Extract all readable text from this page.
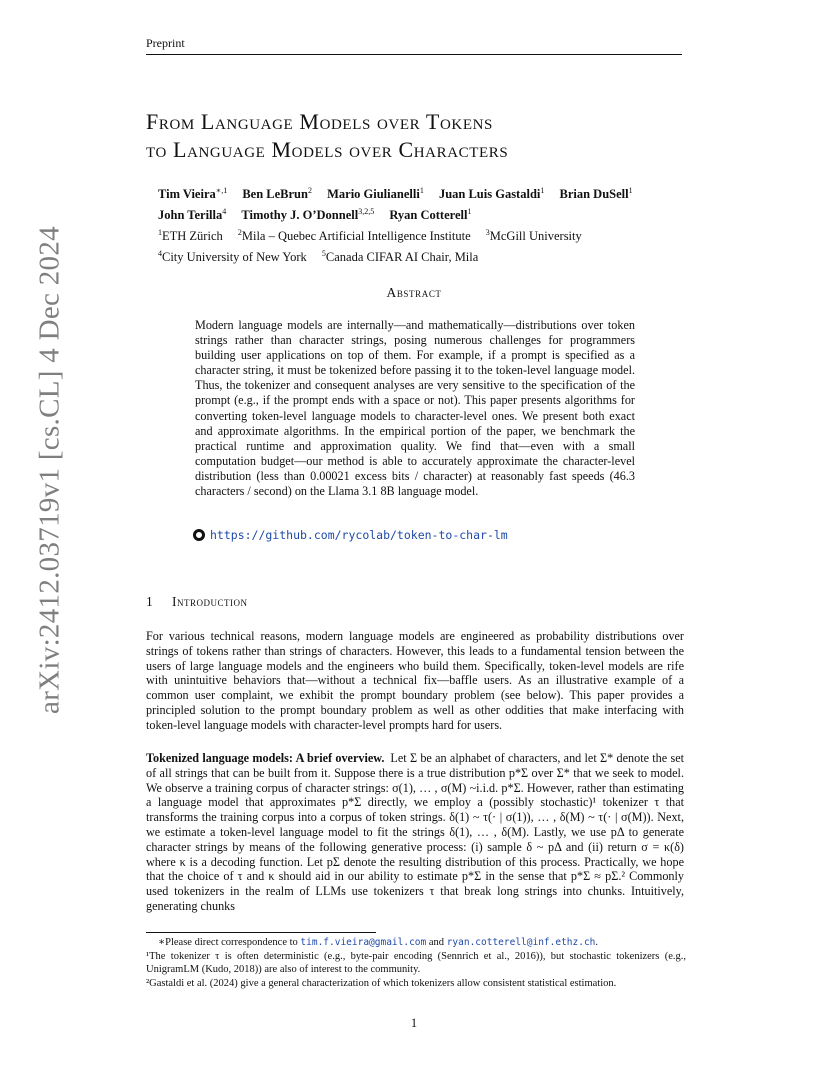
Preprint
arXiv:2412.03719v1 [cs.CL] 4 Dec 2024
From Language Models over Tokens
to Language Models over Characters
Tim Vieira$^{∗,1}$ Ben LeBrun$^2$ Mario Giulianelli$^1$ Juan Luis Gastaldi$^1$ Brian DuSell$^1$
John Terilla$^4$ Timothy J. O’Donnell$^{3,2,5}$ Ryan Cotterell$^1$
$^1$ETH Zürich $^2$Mila – Quebec Artificial Intelligence Institute $^3$McGill University
$^4$City University of New York $^5$Canada CIFAR AI Chair, Mila
Abstract
Modern language models are internally—and mathematically—distributions over token strings rather than character strings, posing numerous challenges for programmers building user applications on top of them. For example, if a prompt is specified as a character string, it must be tokenized before passing it to the token-level language model. Thus, the tokenizer and consequent analyses are very sensitive to the specification of the prompt (e.g., if the prompt ends with a space or not). This paper presents algorithms for converting token-level language models to character-level ones. We present both exact and approximate algorithms. In the empirical portion of the paper, we benchmark the practical runtime and approximation quality. We find that—even with a small computation budget—our method is able to accurately approximate the character-level distribution (less than 0.00021 excess bits / character) at reasonably fast speeds (46.3 characters / second) on the Llama 3.1 8B language model.
https://github.com/rycolab/token-to-char-lm
1 Introduction
For various technical reasons, modern language models are engineered as probability distributions over strings of tokens rather than strings of characters. However, this leads to a fundamental tension between the users of large language models and the engineers who build them. Specifically, token-level models are rife with unintuitive behaviors that—without a technical fix—baffle users. As an illustrative example of a common user complaint, we exhibit the prompt boundary problem (see below). This paper provides a principled solution to the prompt boundary problem as well as other oddities that make interfacing with token-level language models with character-level prompts hard for users.
Tokenized language models: A brief overview. Let Σ be an alphabet of characters, and let Σ* denote the set of all strings that can be built from it. Suppose there is a true distribution p*Σ over Σ* that we seek to model. We observe a training corpus of character strings: σ(1), … , σ(M) ~i.i.d. p*Σ. However, rather than estimating a language model that approximates p*Σ directly, we employ a (possibly stochastic)¹ tokenizer τ that transforms the training corpus into a corpus of token strings. δ(1) ~ τ(· | σ(1)), … , δ(M) ~ τ(· | σ(M)). Next, we estimate a token-level language model to fit the strings δ(1), … , δ(M). Lastly, we use pΔ to generate character strings by means of the following generative process: (i) sample δ ~ pΔ and (ii) return σ = κ(δ) where κ is a decoding function. Let pΣ denote the resulting distribution of this process. Practically, we hope that the choice of τ and κ should aid in our ability to estimate p*Σ in the sense that p*Σ ≈ pΣ.² Commonly used tokenizers in the realm of LLMs use tokenizers τ that break long strings into chunks. Intuitively, generating chunks
∗Please direct correspondence to tim.f.vieira@gmail.com and ryan.cotterell@inf.ethz.ch.
¹The tokenizer τ is often deterministic (e.g., byte-pair encoding (Sennrich et al., 2016)), but stochastic tokenizers (e.g., UnigramLM (Kudo, 2018)) are also of interest to the community.
²Gastaldi et al. (2024) give a general characterization of which tokenizers allow consistent statistical estimation.
1
